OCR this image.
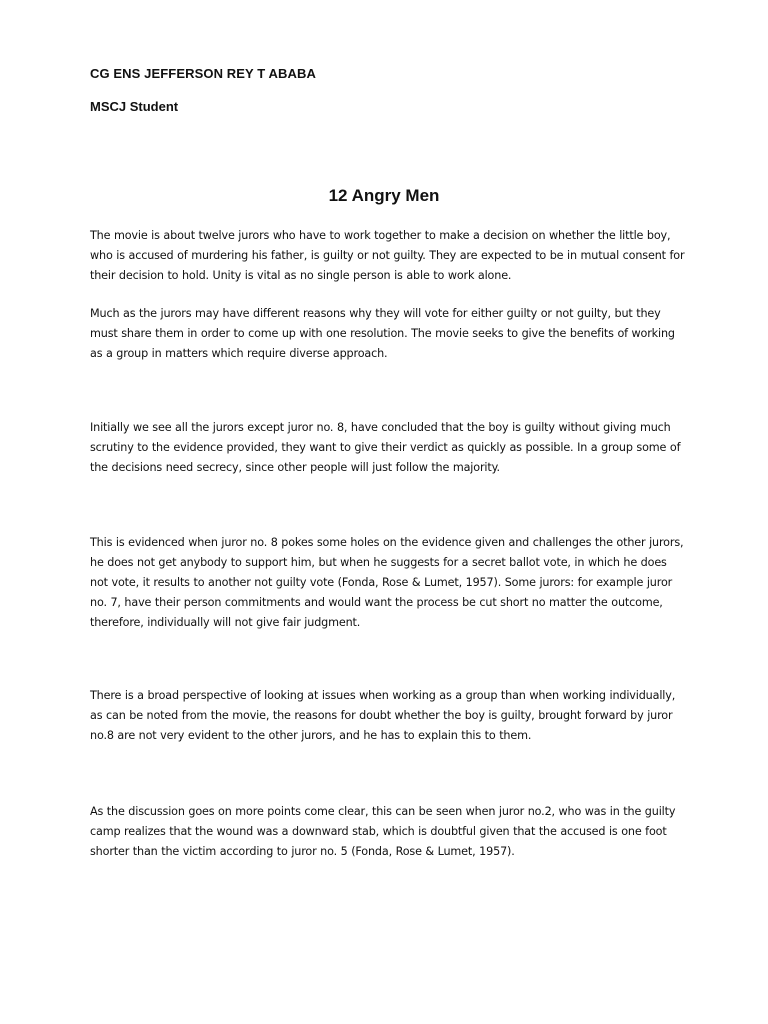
CG ENS JEFFERSON REY T ABABA
MSCJ Student
12 Angry Men

The movie is about twelve jurors who have to work together to make a decision on whether the little boy, who is accused of murdering his father, is guilty or not guilty. They are expected to be in mutual consent for their decision to hold. Unity is vital as no single person is able to work alone.

Much as the jurors may have different reasons why they will vote for either guilty or not guilty, but they must share them in order to come up with one resolution. The movie seeks to give the benefits of working as a group in matters which require diverse approach.

Initially we see all the jurors except juror no. 8, have concluded that the boy is guilty without giving much scrutiny to the evidence provided, they want to give their verdict as quickly as possible. In a group some of the decisions need secrecy, since other people will just follow the majority.

This is evidenced when juror no. 8 pokes some holes on the evidence given and challenges the other jurors, he does not get anybody to support him, but when he suggests for a secret ballot vote, in which he does not vote, it results to another not guilty vote (Fonda, Rose & Lumet, 1957). Some jurors: for example juror no. 7, have their person commitments and would want the process be cut short no matter the outcome, therefore, individually will not give fair judgment.

There is a broad perspective of looking at issues when working as a group than when working individually, as can be noted from the movie, the reasons for doubt whether the boy is guilty, brought forward by juror no.8 are not very evident to the other jurors, and he has to explain this to them.

As the discussion goes on more points come clear, this can be seen when juror no.2, who was in the guilty camp realizes that the wound was a downward stab, which is doubtful given that the accused is one foot shorter than the victim according to juror no. 5 (Fonda, Rose & Lumet, 1957).
